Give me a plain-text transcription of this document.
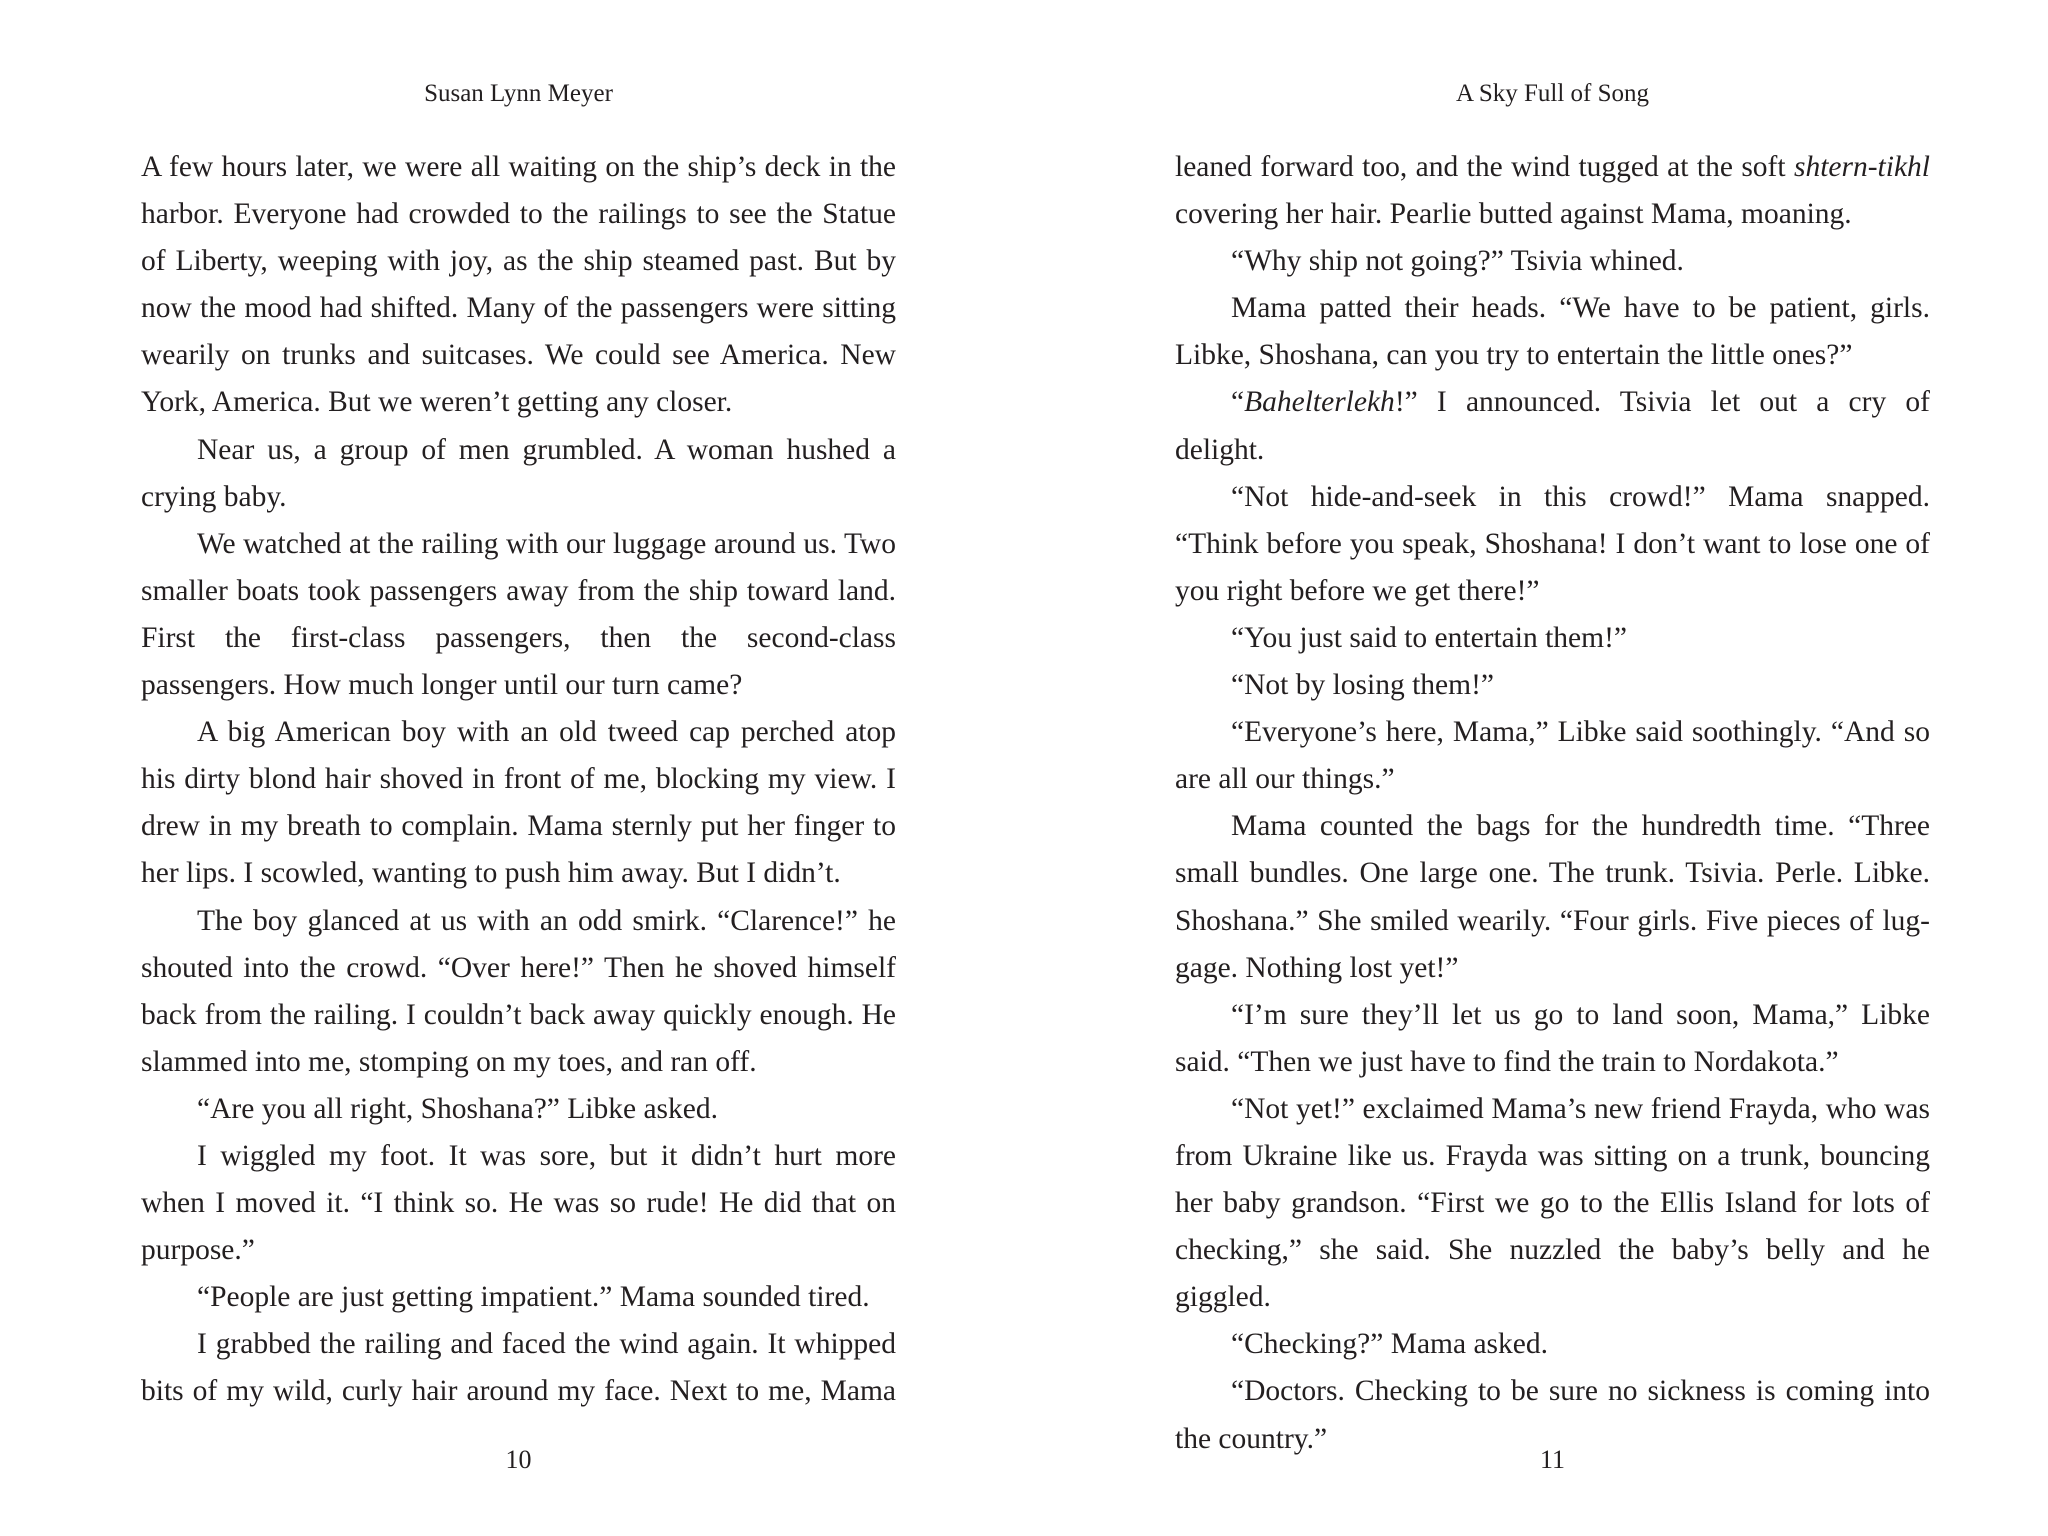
Susan Lynn Meyer

A few hours later, we were all waiting on the ship’s deck in the harbor. Everyone had crowded to the railings to see the Statue of Liberty, weeping with joy, as the ship steamed past. But by now the mood had shifted. Many of the passengers were sitting wearily on trunks and suitcases. We could see America. New York, America. But we weren’t getting any closer.

Near us, a group of men grumbled. A woman hushed a crying baby.

We watched at the railing with our luggage around us. Two smaller boats took passengers away from the ship toward land. First the first-class passengers, then the second-class passengers. How much longer until our turn came?

A big American boy with an old tweed cap perched atop his dirty blond hair shoved in front of me, blocking my view. I drew in my breath to complain. Mama sternly put her finger to her lips. I scowled, wanting to push him away. But I didn’t.

The boy glanced at us with an odd smirk. “Clarence!” he shouted into the crowd. “Over here!” Then he shoved himself back from the railing. I couldn’t back away quickly enough. He slammed into me, stomping on my toes, and ran off.

“Are you all right, Shoshana?” Libke asked.

I wiggled my foot. It was sore, but it didn’t hurt more when I moved it. “I think so. He was so rude! He did that on purpose.”

“People are just getting impatient.” Mama sounded tired.

I grabbed the railing and faced the wind again. It whipped bits of my wild, curly hair around my face. Next to me, Mama

10
A Sky Full of Song

leaned forward too, and the wind tugged at the soft shtern-tikhl covering her hair. Pearlie butted against Mama, moaning.

“Why ship not going?” Tsivia whined.

Mama patted their heads. “We have to be patient, girls. Libke, Shoshana, can you try to entertain the little ones?”

“Bahelterlekh!” I announced. Tsivia let out a cry of delight.

“Not hide-and-seek in this crowd!” Mama snapped. “Think before you speak, Shoshana! I don’t want to lose one of you right before we get there!”

“You just said to entertain them!”

“Not by losing them!”

“Everyone’s here, Mama,” Libke said soothingly. “And so are all our things.”

Mama counted the bags for the hundredth time. “Three small bundles. One large one. The trunk. Tsivia. Perle. Libke. Shoshana.” She smiled wearily. “Four girls. Five pieces of lug-gage. Nothing lost yet!”

“I’m sure they’ll let us go to land soon, Mama,” Libke said. “Then we just have to find the train to Nordakota.”

“Not yet!” exclaimed Mama’s new friend Frayda, who was from Ukraine like us. Frayda was sitting on a trunk, bouncing her baby grandson. “First we go to the Ellis Island for lots of checking,” she said. She nuzzled the baby’s belly and he giggled.

“Checking?” Mama asked.

“Doctors. Checking to be sure no sickness is coming into the country.”

11
